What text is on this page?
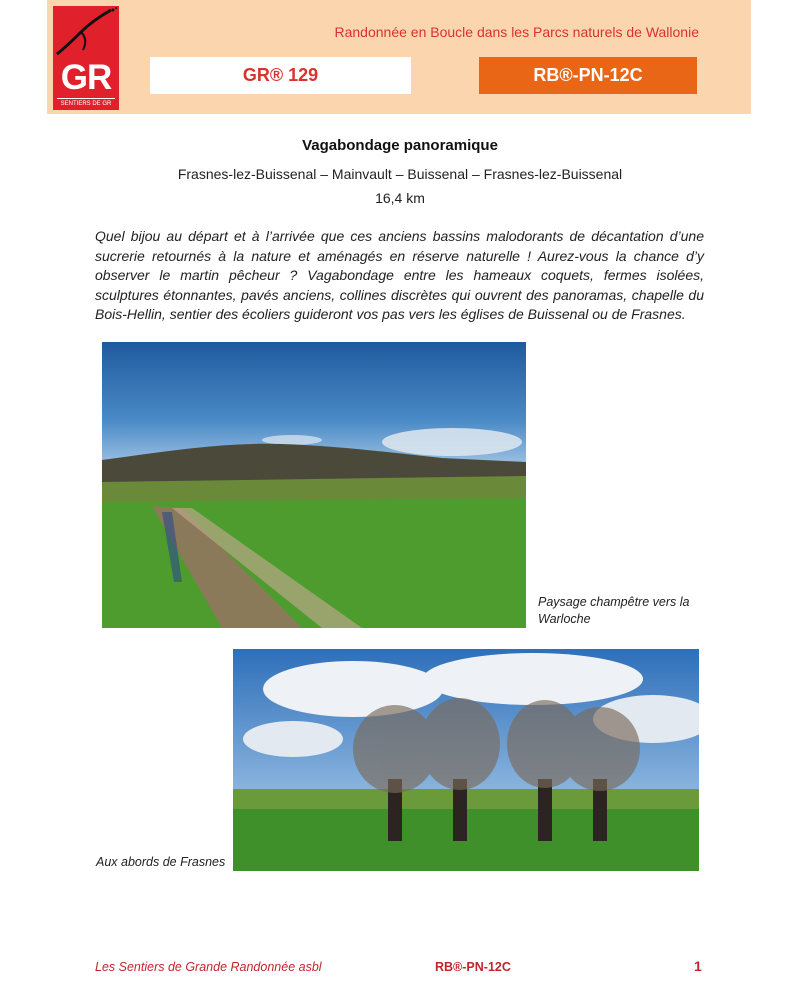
GR
SENTIERS DE GR
Randonnée en Boucle dans les Parcs naturels de Wallonie
GR® 129	RB®-PN-12C
Vagabondage panoramique
Frasnes-lez-Buissenal – Mainvault – Buissenal – Frasnes-lez-Buissenal
16,4 km

Quel bijou au départ et à l’arrivée que ces anciens bassins malodorants de décantation d’une sucrerie retournés à la nature et aménagés en réserve naturelle ! Aurez-vous la chance d’y observer le martin pêcheur ? Vagabondage entre les hameaux coquets, fermes isolées, sculptures étonnantes, pavés anciens, collines discrètes qui ouvrent des panoramas, chapelle du Bois-Hellin, sentier des écoliers guideront vos pas vers les églises de Buissenal ou de Frasnes.

Paysage champêtre vers la Warloche
Aux abords de Frasnes
Les Sentiers de Grande Randonnée asbl	RB®-PN-12C	1
